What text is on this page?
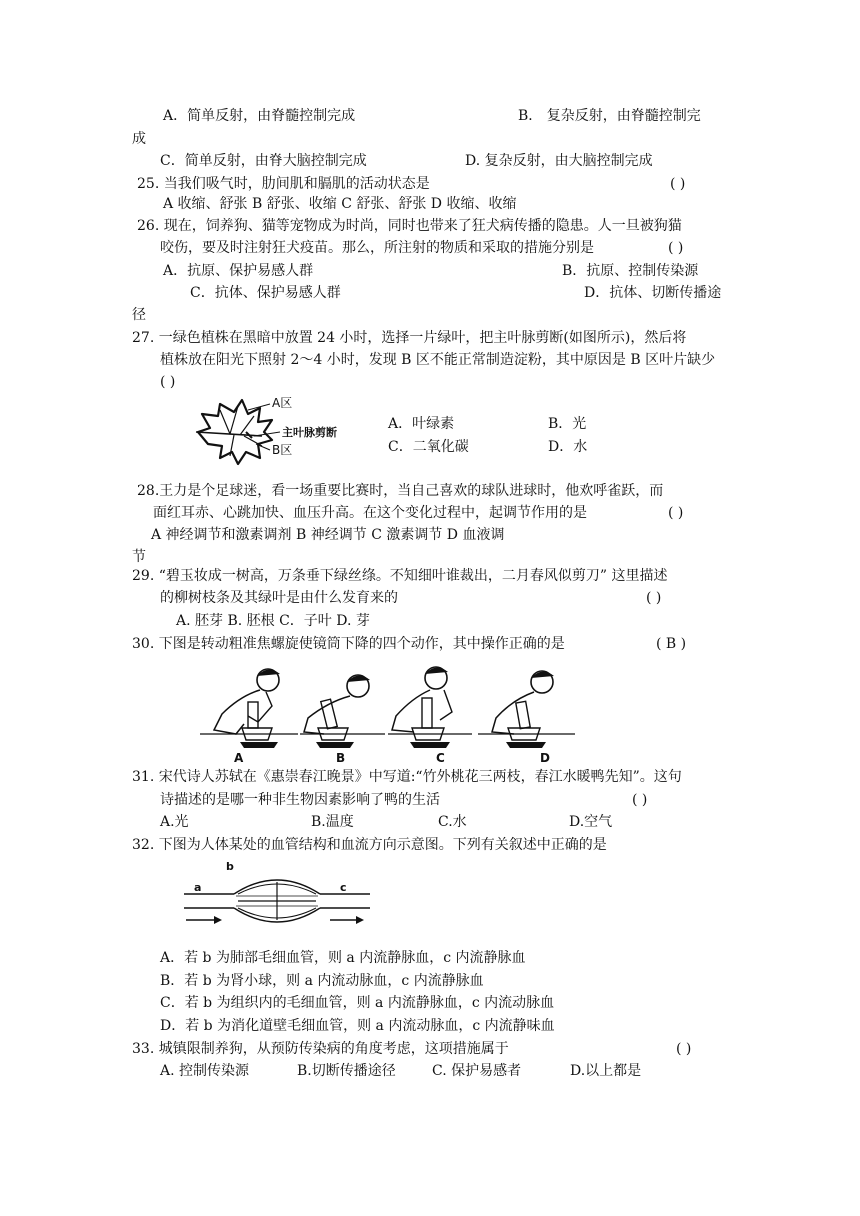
A．简单反射，由脊髓控制完成	B． 复杂反射，由脊髓控制完
成
C．简单反射，由脊大脑控制完成	D. 复杂反射，由大脑控制完成
25. 当我们吸气时，肋间肌和膈肌的活动状态是	( )
A 收缩、舒张 B 舒张、收缩 C 舒张、舒张 D 收缩、收缩
26. 现在，饲养狗、猫等宠物成为时尚，同时也带来了狂犬病传播的隐患。人一旦被狗猫
咬伤，要及时注射狂犬疫苗。那么，所注射的物质和采取的措施分别是	( )
A．抗原、保护易感人群	B．抗原、控制传染源
C．抗体、保护易感人群	D．抗体、切断传播途
径
27. 一绿色植株在黑暗中放置 24 小时，选择一片绿叶，把主叶脉剪断(如图所示)，然后将
植株放在阳光下照射 2～4 小时，发现 B 区不能正常制造淀粉，其中原因是 B 区叶片缺少
( )
A区
主叶脉剪断
B区
A．叶绿素	B．光
C．二氧化碳	D．水
28.王力是个足球迷，看一场重要比赛时，当自己喜欢的球队进球时，他欢呼雀跃，而
面红耳赤、心跳加快、血压升高。在这个变化过程中，起调节作用的是	( )
A 神经调节和激素调剂 B 神经调节 C 激素调节 D 血液调
节
29. “碧玉妆成一树高，万条垂下绿丝绦。不知细叶谁裁出，二月春风似剪刀” 这里描述
的柳树枝条及其绿叶是由什么发育来的	( )
A. 胚芽 B. 胚根 C．子叶 D. 芽
30. 下图是转动粗准焦螺旋使镜筒下降的四个动作，其中操作正确的是	( B )
A	B	C	D
31. 宋代诗人苏轼在《惠崇春江晚景》中写道:“竹外桃花三两枝，春江水暖鸭先知”。这句
诗描述的是哪一种非生物因素影响了鸭的生活	( )
A.光	B.温度	C.水	D.空气
32. 下图为人体某处的血管结构和血流方向示意图。下列有关叙述中正确的是
b
a	c
A．若 b 为肺部毛细血管，则 a 内流静脉血，c 内流静脉血
B．若 b 为肾小球，则 a 内流动脉血，c 内流静脉血
C．若 b 为组织内的毛细血管，则 a 内流静脉血，c 内流动脉血
D．若 b 为消化道壁毛细血管，则 a 内流动脉血，c 内流静味血
33. 城镇限制养狗，从预防传染病的角度考虑，这项措施属于	( )
A. 控制传染源	B.切断传播途径	C. 保护易感者	D.以上都是
